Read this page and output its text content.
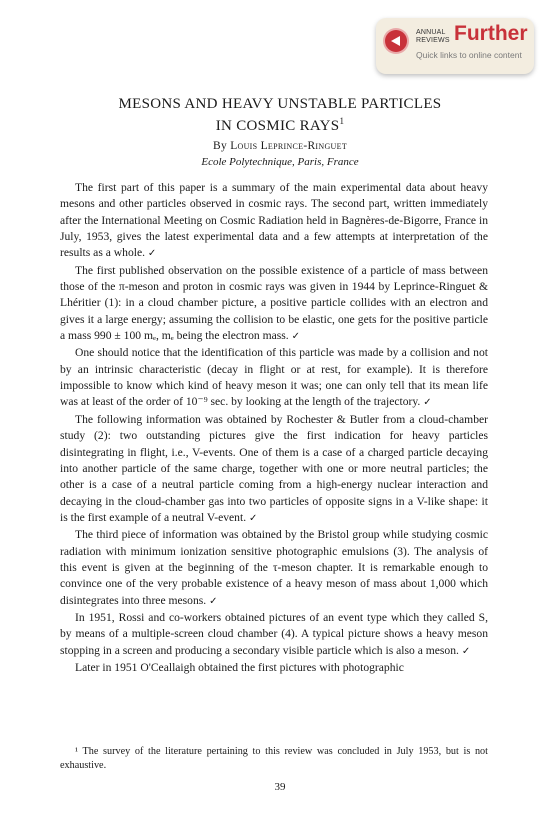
ANNUAL
REVIEWS Further
Quick links to online content
MESONS AND HEAVY UNSTABLE PARTICLES
IN COSMIC RAYS$^1$
By Louis Leprince-Ringuet
Ecole Polytechnique, Paris, France

The first part of this paper is a summary of the main experimental data about heavy mesons and other particles observed in cosmic rays. The second part, written immediately after the International Meeting on Cosmic Radiation held in Bagnères-de-Bigorre, France in July, 1953, gives the latest experimental data and a few attempts at interpretation of the results as a whole. ✓

The first published observation on the possible existence of a particle of mass between those of the π-meson and proton in cosmic rays was given in 1944 by Leprince-Ringuet & Lhéritier (1): in a cloud chamber picture, a positive particle collides with an electron and gives it a large energy; assuming the collision to be elastic, one gets for the positive particle a mass 990 ± 100 mₑ, mₑ being the electron mass. ✓

One should notice that the identification of this particle was made by a collision and not by an intrinsic characteristic (decay in flight or at rest, for example). It is therefore impossible to know which kind of heavy meson it was; one can only tell that its mean life was at least of the order of 10⁻⁹ sec. by looking at the length of the trajectory. ✓

The following information was obtained by Rochester & Butler from a cloud-chamber study (2): two outstanding pictures give the first indication for heavy particles disintegrating in flight, i.e., V-events. One of them is a case of a charged particle decaying into another particle of the same charge, together with one or more neutral particles; the other is a case of a neutral particle coming from a high-energy nuclear interaction and decaying in the cloud-chamber gas into two particles of opposite signs in a V-like shape: it is the first example of a neutral V-event. ✓

The third piece of information was obtained by the Bristol group while studying cosmic radiation with minimum ionization sensitive photographic emulsions (3). The analysis of this event is given at the beginning of the τ-meson chapter. It is remarkable enough to convince one of the very probable existence of a heavy meson of mass about 1,000 which disintegrates into three mesons. ✓

In 1951, Rossi and co-workers obtained pictures of an event type which they called S, by means of a multiple-screen cloud chamber (4). A typical picture shows a heavy meson stopping in a screen and producing a secondary visible particle which is also a meson. ✓

Later in 1951 O'Ceallaigh obtained the first pictures with photographic

¹ The survey of the literature pertaining to this review was concluded in July 1953, but is not exhaustive.

39
